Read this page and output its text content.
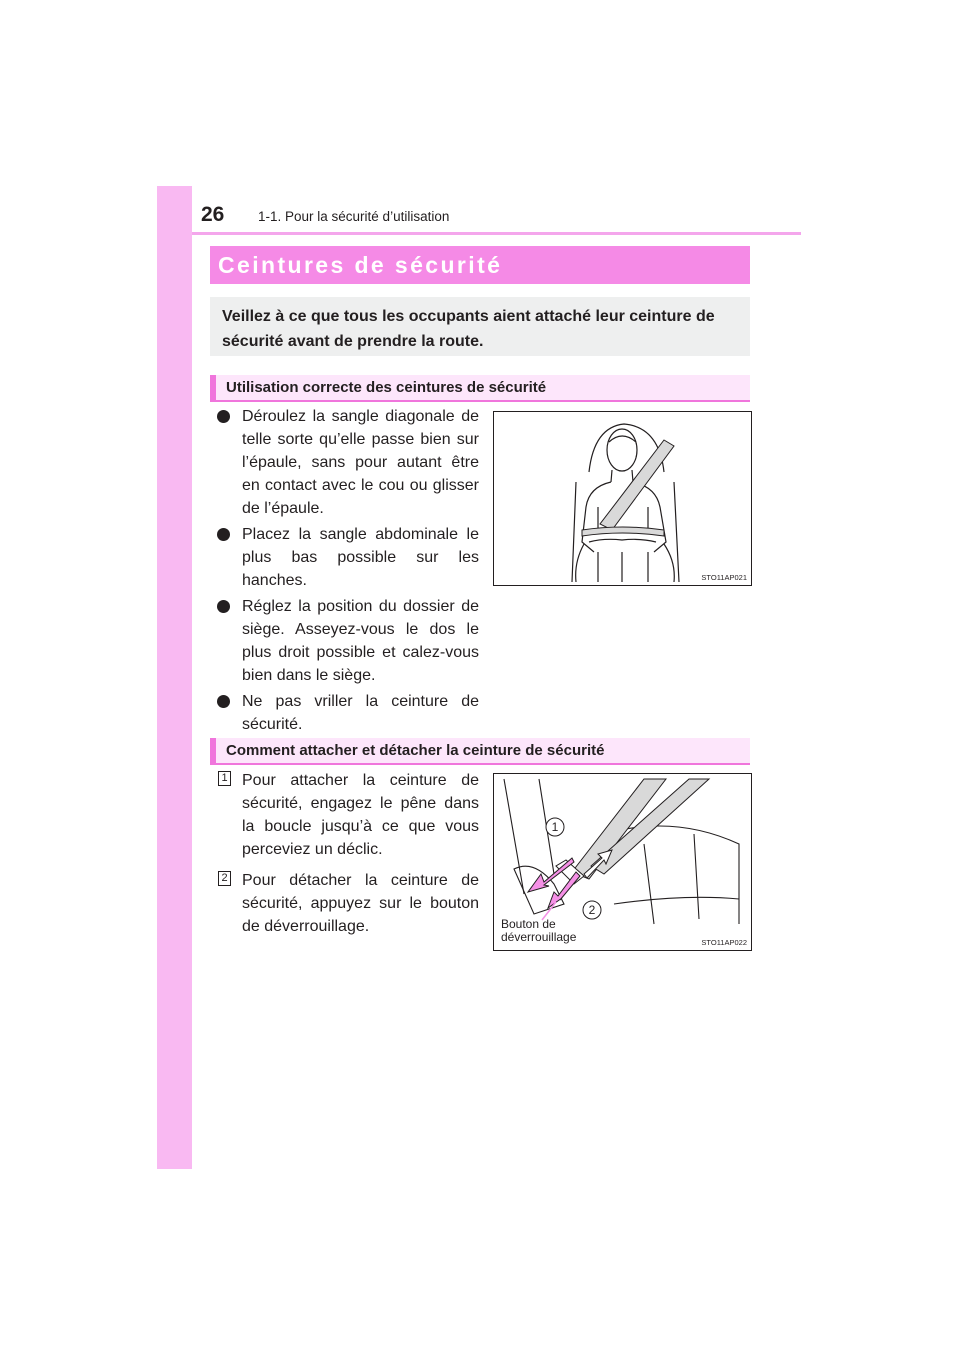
26 1-1. Pour la sécurité d’utilisation
Ceintures de sécurité
Veillez à ce que tous les occupants aient attaché leur ceinture de sécurité avant de prendre la route.
Utilisation correcte des ceintures de sécurité
Déroulez la sangle diagonale de telle sorte qu’elle passe bien sur l’épaule, sans pour autant être en contact avec le cou ou glisser de l’épaule.
Placez la sangle abdominale le plus bas possible sur les hanches.
Réglez la position du dossier de siège. Asseyez-vous le dos le plus droit possible et calez-vous bien dans le siège.
Ne pas vriller la ceinture de sécurité.
STO11AP021
Comment attacher et détacher la ceinture de sécurité
1 Pour attacher la ceinture de sécurité, engagez le pêne dans la boucle jusqu’à ce que vous perceviez un déclic.
2 Pour détacher la ceinture de sécurité, appuyez sur le bouton de déverrouillage.
1
2
Bouton de
déverrouillage	STO11AP022
